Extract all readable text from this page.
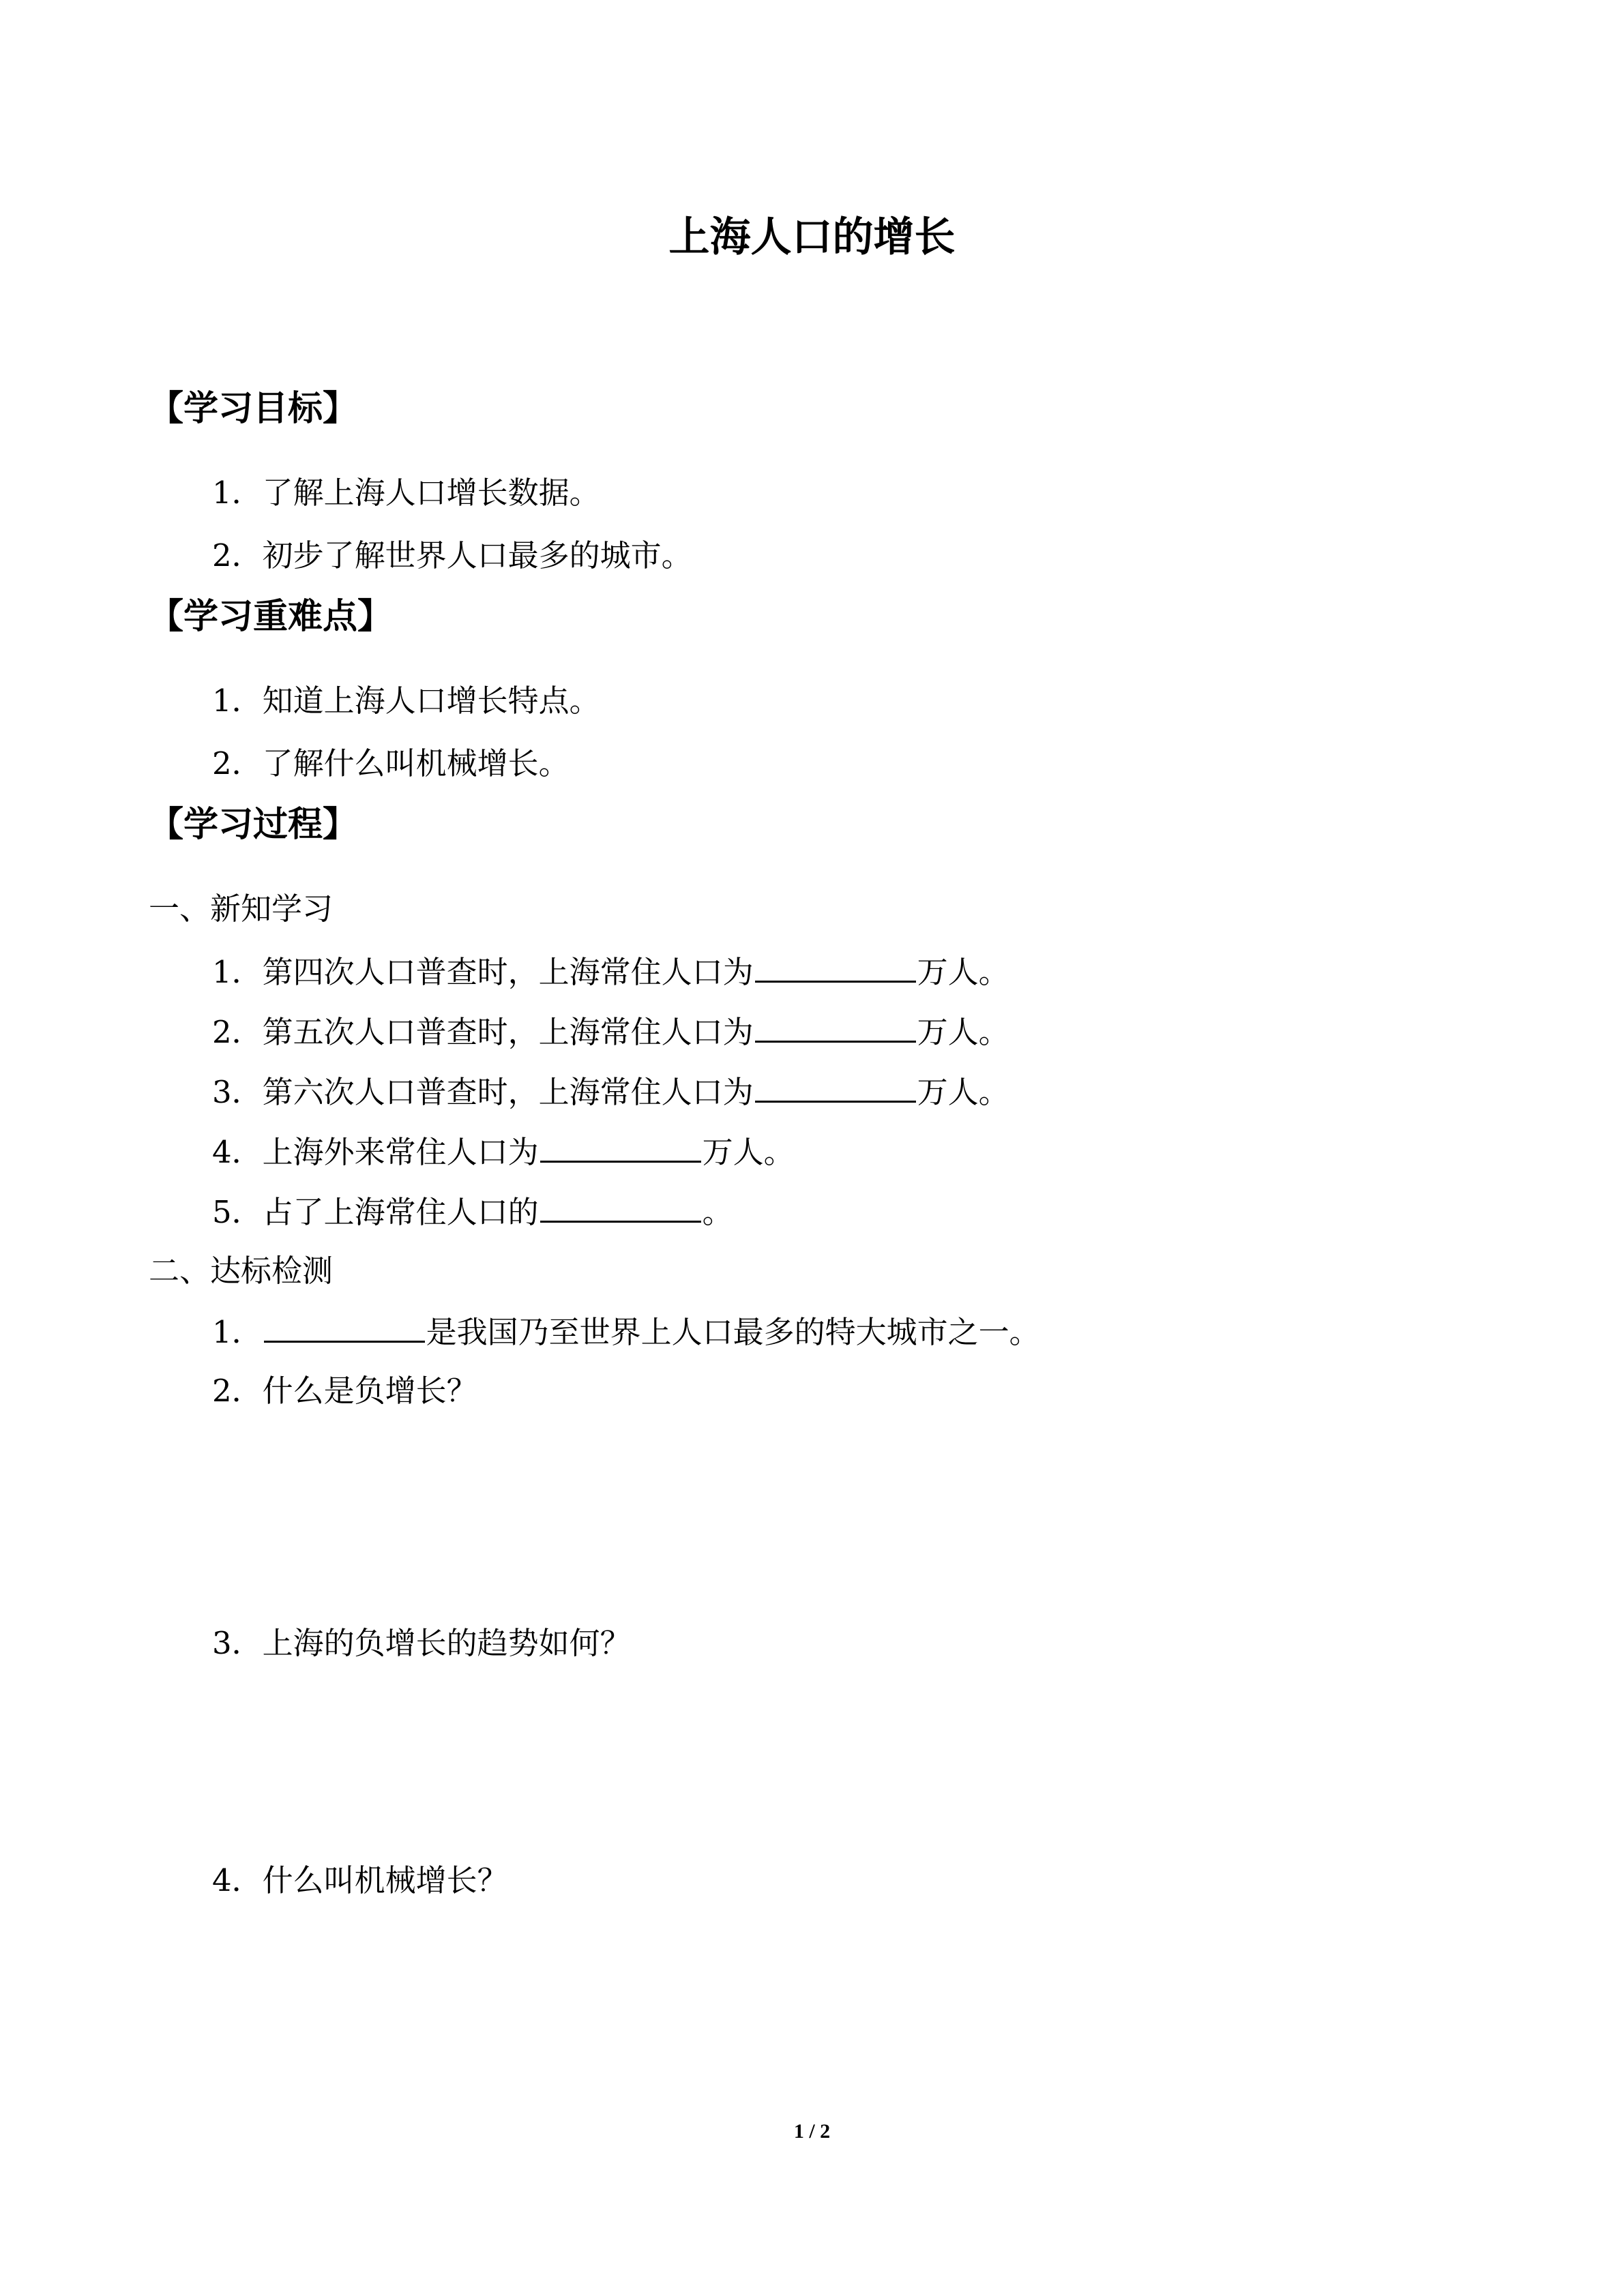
上海人口的增长
【学习目标】
1．了解上海人口增长数据。
2．初步了解世界人口最多的城市。
【学习重难点】
1．知道上海人口增长特点。
2．了解什么叫机械增长。
【学习过程】
一、新知学习
1．第四次人口普查时，上海常住人口为	万人。
2．第五次人口普查时，上海常住人口为	万人。
3．第六次人口普查时，上海常住人口为	万人。
4．上海外来常住人口为	万人。
5．占了上海常住人口的	。
二、达标检测
1．	是我国乃至世界上人口最多的特大城市之一。
2．什么是负增长？
3．上海的负增长的趋势如何？
4．什么叫机械增长？
1 / 2
